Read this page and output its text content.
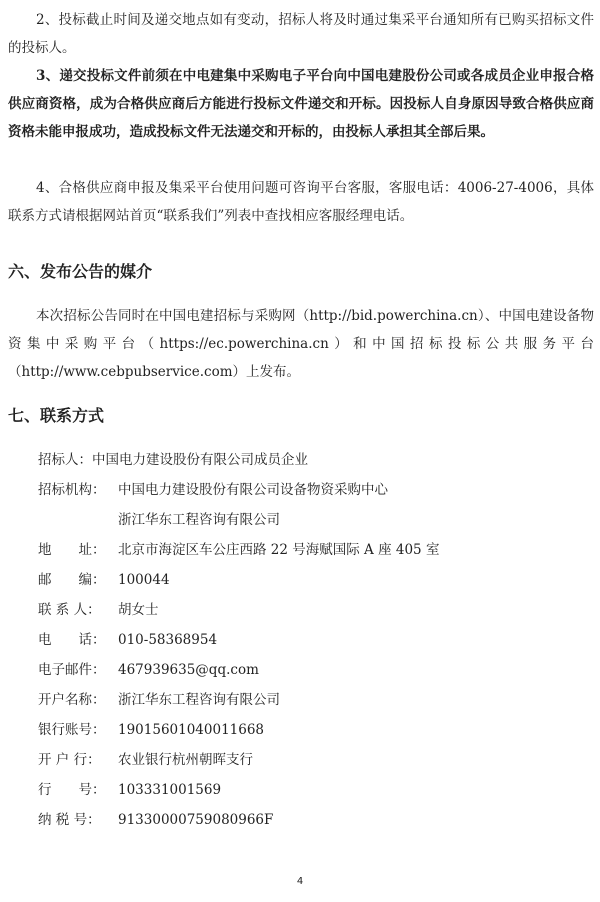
2、投标截止时间及递交地点如有变动，招标人将及时通过集采平台通知所有已购买招标文件的投标人。

3、递交投标文件前须在中电建集中采购电子平台向中国电建股份公司或各成员企业申报合格供应商资格，成为合格供应商后方能进行投标文件递交和开标。因投标人自身原因导致合格供应商资格未能申报成功，造成投标文件无法递交和开标的，由投标人承担其全部后果。

4、合格供应商申报及集采平台使用问题可咨询平台客服，客服电话：4006-27-4006，具体联系方式请根据网站首页“联系我们”列表中查找相应客服经理电话。

六、发布公告的媒介

本次招标公告同时在中国电建招标与采购网（http://bid.powerchina.cn）、中国电建设备物资集中采购平台（https://ec.powerchina.cn）和中国招标投标公共服务平台（http://www.cebpubservice.com）上发布。

七、联系方式
招标人：中国电力建设股份有限公司成员企业
招标机构： 中国电力建设股份有限公司设备物资采购中心
浙江华东工程咨询有限公司
地　　址： 北京市海淀区车公庄西路 22 号海赋国际 A 座 405 室
邮　　编： 100044
联 系 人： 胡女士
电　　话： 010-58368954
电子邮件： 467939635@qq.com
开户名称： 浙江华东工程咨询有限公司
银行账号： 19015601040011668
开 户 行： 农业银行杭州朝晖支行
行　　号： 103331001569
纳 税 号： 91330000759080966F
4
